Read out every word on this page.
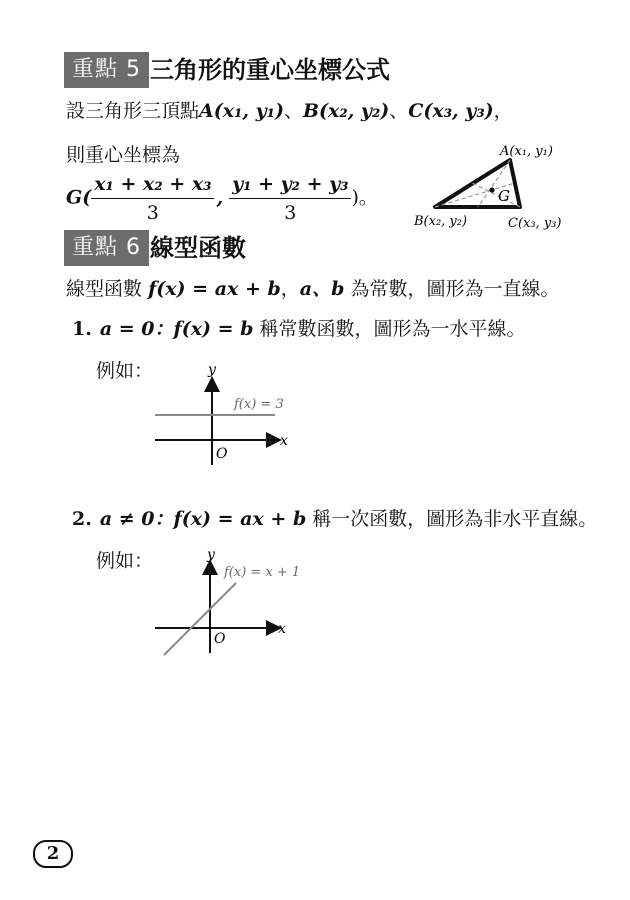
重點 5 三角形的重心坐標公式
設三角形三頂點A(x₁, y₁)、B(x₂, y₂)、C(x₃, y₃)，
則重心坐標為
$G( \frac{\text{x₁ + x₂ + x₃}}{3}$ , $\frac{\text{y₁ + y₂ + y₃}}{3}$ )。	G
A(x₁, y₁)
B(x₂, y₂)	C(x₃, y₃)
重點 6 線型函數
線型函數 f(x) = ax + b，a、b 為常數，圖形為一直線。
1. a = 0：f(x) = b 稱常數函數，圖形為一水平線。
例如：	y
x
O
f(x) = 3
2. a ≠ 0：f(x) = ax + b 稱一次函數，圖形為非水平直線。
例如：	y
x
O
f(x) = x + 1
2
